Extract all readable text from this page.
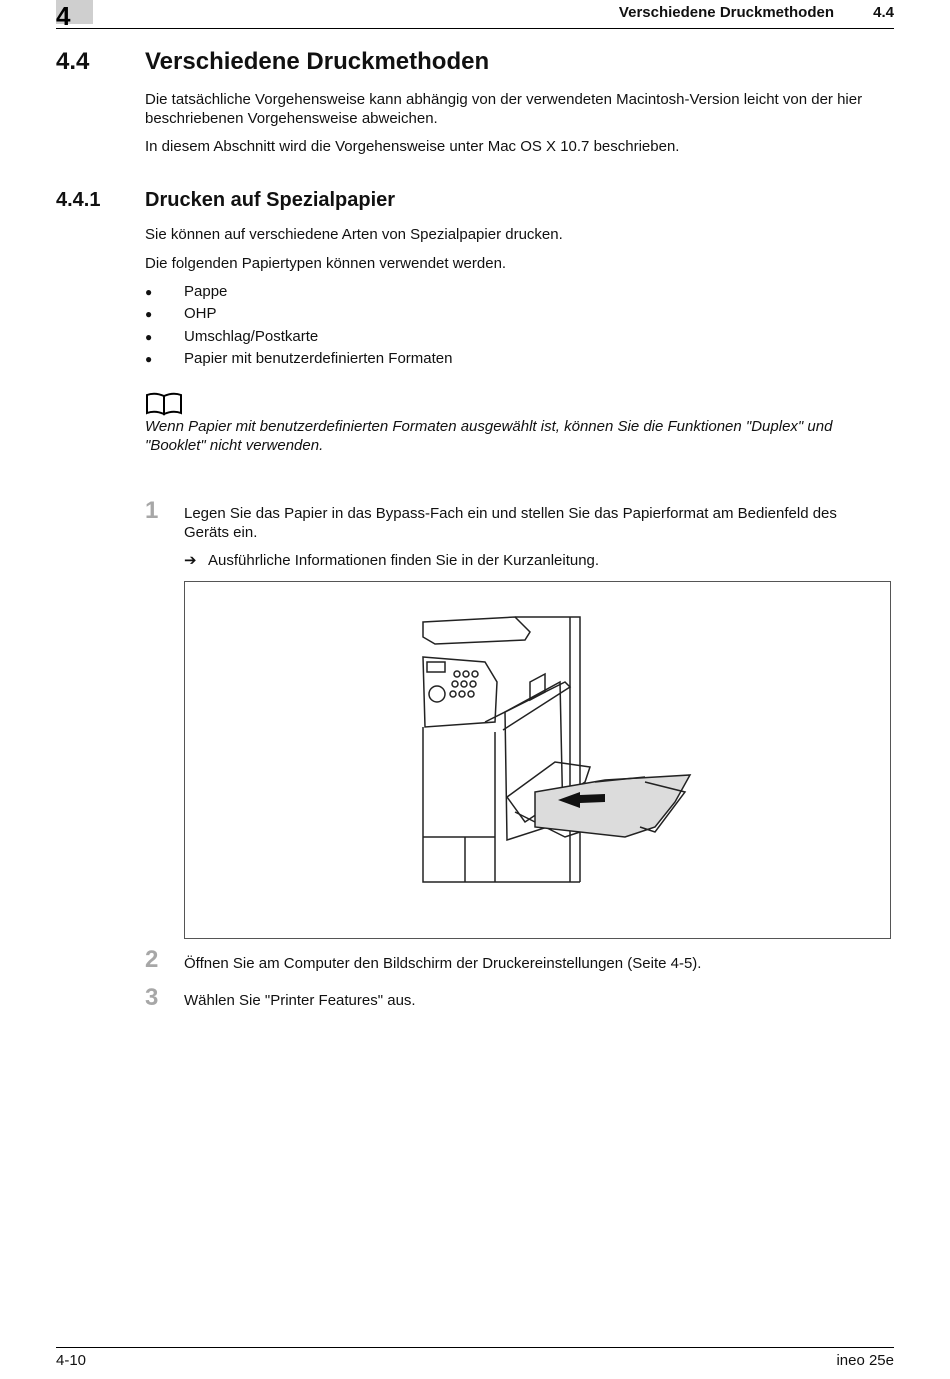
4	Verschiedene Druckmethoden	4.4
4.4 Verschiedene Druckmethoden
Die tatsächliche Vorgehensweise kann abhängig von der verwendeten Macintosh-Version leicht von der hier beschriebenen Vorgehensweise abweichen.
In diesem Abschnitt wird die Vorgehensweise unter Mac OS X 10.7 beschrieben.
4.4.1 Drucken auf Spezialpapier
Sie können auf verschiedene Arten von Spezialpapier drucken.
Die folgenden Papiertypen können verwendet werden.
● Pappe
● OHP
● Umschlag/Postkarte
● Papier mit benutzerdefinierten Formaten
Wenn Papier mit benutzerdefinierten Formaten ausgewählt ist, können Sie die Funktionen "Duplex" und "Booklet" nicht verwenden.
1 Legen Sie das Papier in das Bypass-Fach ein und stellen Sie das Papierformat am Bedienfeld des Geräts ein.
➔ Ausführliche Informationen finden Sie in der Kurzanleitung.
2 Öffnen Sie am Computer den Bildschirm der Druckereinstellungen (Seite 4-5).
3 Wählen Sie "Printer Features" aus.
4-10	ineo 25e
